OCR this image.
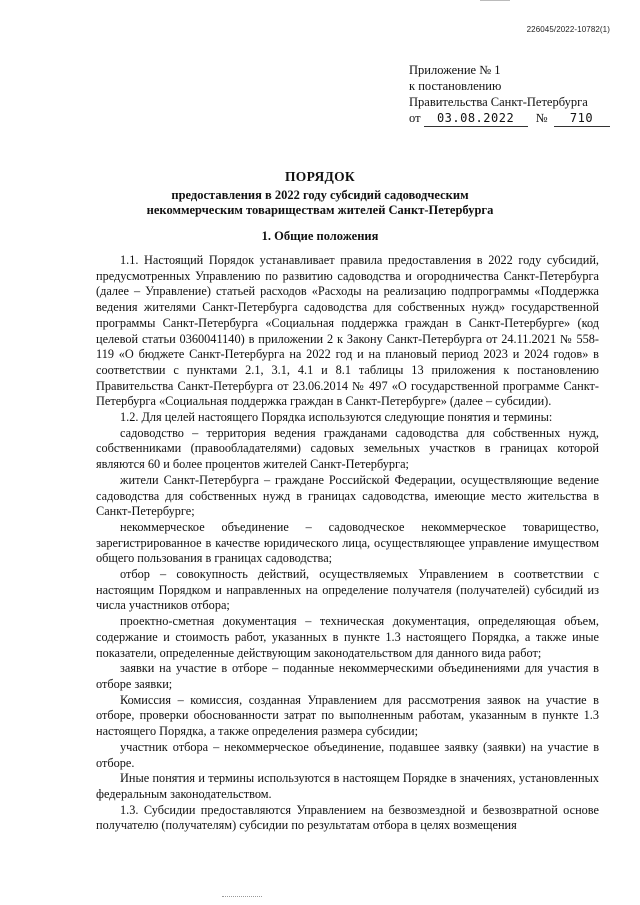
226045/2022-10782(1)
Приложение № 1
к постановлению
Правительства Санкт-Петербурга
от 03.08.2022 № 710
ПОРЯДОК
предоставления в 2022 году субсидий садоводческим
некоммерческим товариществам жителей Санкт-Петербурга
1. Общие положения

1.1. Настоящий Порядок устанавливает правила предоставления в 2022 году субсидий, предусмотренных Управлению по развитию садоводства и огородничества Санкт-Петербурга (далее – Управление) статьей расходов «Расходы на реализацию подпрограммы «Поддержка ведения жителями Санкт-Петербурга садоводства для собственных нужд» государственной программы Санкт-Петербурга «Социальная поддержка граждан в Санкт-Петербурге» (код целевой статьи 0360041140) в приложении 2 к Закону Санкт-Петербурга от 24.11.2021 № 558-119 «О бюджете Санкт-Петербурга на 2022 год и на плановый период 2023 и 2024 годов» в соответствии с пунктами 2.1, 3.1, 4.1 и 8.1 таблицы 13 приложения к постановлению Правительства Санкт-Петербурга от 23.06.2014 № 497 «О государственной программе Санкт-Петербурга «Социальная поддержка граждан в Санкт-Петербурге» (далее – субсидии).

1.2. Для целей настоящего Порядка используются следующие понятия и термины:

садоводство – территория ведения гражданами садоводства для собственных нужд, собственниками (правообладателями) садовых земельных участков в границах которой являются 60 и более процентов жителей Санкт-Петербурга;

жители Санкт-Петербурга – граждане Российской Федерации, осуществляющие ведение садоводства для собственных нужд в границах садоводства, имеющие место жительства в Санкт-Петербурге;

некоммерческое объединение – садоводческое некоммерческое товарищество, зарегистрированное в качестве юридического лица, осуществляющее управление имуществом общего пользования в границах садоводства;

отбор – совокупность действий, осуществляемых Управлением в соответствии с настоящим Порядком и направленных на определение получателя (получателей) субсидий из числа участников отбора;

проектно-сметная документация – техническая документация, определяющая объем, содержание и стоимость работ, указанных в пункте 1.3 настоящего Порядка, а также иные показатели, определенные действующим законодательством для данного вида работ;

заявки на участие в отборе – поданные некоммерческими объединениями для участия в отборе заявки;

Комиссия – комиссия, созданная Управлением для рассмотрения заявок на участие в отборе, проверки обоснованности затрат по выполненным работам, указанным в пункте 1.3 настоящего Порядка, а также определения размера субсидии;

участник отбора – некоммерческое объединение, подавшее заявку (заявки) на участие в отборе.

Иные понятия и термины используются в настоящем Порядке в значениях, установленных федеральным законодательством.

1.3. Субсидии предоставляются Управлением на безвозмездной и безвозвратной основе получателю (получателям) субсидии по результатам отбора в целях возмещения
